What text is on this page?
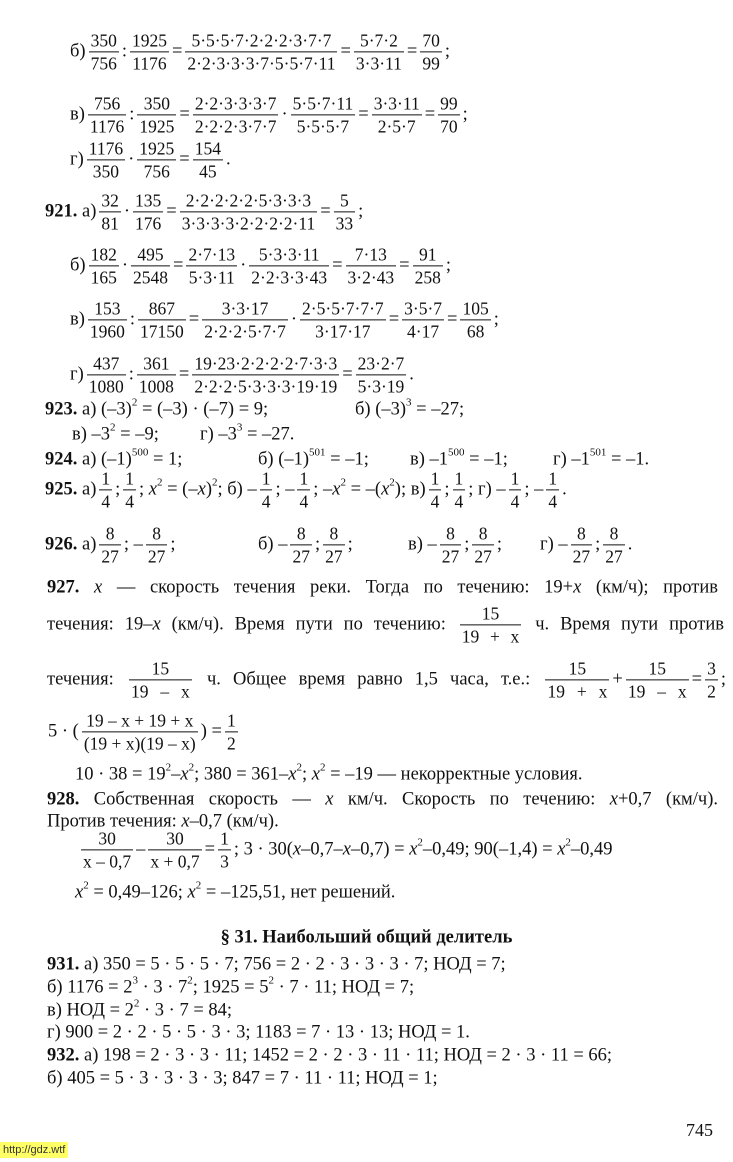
§ 31. Наибольший общий делитель
745
http://gdz.wtf
$б) \frac{350}{756}$ : $\frac{1925}{1176} = \frac{5\cdot 5\cdot 5\cdot 7\cdot 2\cdot 2\cdot 2\cdot 3\cdot 7\cdot 7}{2\cdot 2\cdot 3\cdot 3\cdot 3\cdot 7\cdot 5\cdot 5\cdot 7\cdot 11} = \frac{5\cdot 7\cdot 2}{3\cdot 3\cdot 11} = \frac{70}{99}$ ;
$в) \frac{756}{1176}$ : $\frac{350}{1925} = \frac{2\cdot 2\cdot 3\cdot 3\cdot 3\cdot 7}{2\cdot 2\cdot 2\cdot 3\cdot 7\cdot 7} \cdot \frac{5\cdot 5\cdot 7\cdot 11}{5\cdot 5\cdot 5\cdot 7} = \frac{3\cdot 3\cdot 11}{2\cdot 5\cdot 7} = \frac{99}{70}$ ;
$г) \frac{1176}{350} \cdot \frac{1925}{756} = \frac{154}{45}$ .
921. $а) \frac{32}{81} \cdot \frac{135}{176} = \frac{2\cdot 2\cdot 2\cdot 2\cdot 2\cdot 5\cdot 3\cdot 3\cdot 3}{3\cdot 3\cdot 3\cdot 3\cdot 2\cdot 2\cdot 2\cdot 2\cdot 11} = \frac{5}{33}$ ;
$б) \frac{182}{165} \cdot \frac{495}{2548} = \frac{2\cdot 7\cdot 13}{5\cdot 3\cdot 11} \cdot \frac{5\cdot 3\cdot 3\cdot 11}{2\cdot 2\cdot 3\cdot 3\cdot 43} = \frac{7\cdot 13}{3\cdot 2\cdot 43} = \frac{91}{258}$ ;
$в) \frac{153}{1960}$ : $\frac{867}{17150} = \frac{3\cdot 3\cdot 17}{2\cdot 2\cdot 2\cdot 5\cdot 7\cdot 7} \cdot \frac{2\cdot 5\cdot 5\cdot 7\cdot 7\cdot 7}{3\cdot 17\cdot 17} = \frac{3\cdot 5\cdot 7}{4\cdot 17} = \frac{105}{68}$ ;
$г) \frac{437}{1080}$ : $\frac{361}{1008} = \frac{19\cdot 23\cdot 2\cdot 2\cdot 2\cdot 2\cdot 7\cdot 3\cdot 3}{2\cdot 2\cdot 2\cdot 5\cdot 3\cdot 3\cdot 3\cdot 19\cdot 19} = \frac{23\cdot 2\cdot 7}{5\cdot 3\cdot 19}$ .
923. а) (–3) 2 = (–3) · (–7) = 9;	б) (–3) 3 = –27;
в) –3 2 = –9; г) –3 3 = –27.
924. а) (–1) 500 = 1;	б) (–1) 501 = –1; в) –1 500 = –1; г) –1 501 = –1.
925. $а) \frac{1}{4}$ ; $\frac{1}{4}$ ; x 2 = (– x ) 2 ; $б) - \frac{1}{4}$ ; – $\frac{1}{4}$ ; – x 2 = –( x 2 ); $в) \frac{1}{4}$ ; $\frac{1}{4}$ ; $г) - \frac{1}{4}$ ; – $\frac{1}{4}$ .
926. $а) \frac{8}{27}$ ; – $\frac{8}{27}$ ;	$б) - \frac{8}{27}$ ; $\frac{8}{27}$ ;	$в) - \frac{8}{27}$ ; $\frac{8}{27}$ ; $г) - \frac{8}{27}$ ; $\frac{8}{27}$ .
927.
x — скорость течения реки. Тогда по течению: 19+ x (км/ч); против
течения: 19– x (км/ч). Время пути по течению: $\frac{15}{19 + x} ч$. Время пути против
течения: $\frac{15}{19 - x} ч$. Общее время равно 1,5 часа, т.е.: $\frac{15}{19 + x} + \frac{15}{19 - x} = \frac{3}{2}$ ;
5 · ( $\frac{19 - x + 19 + x}{(19 + x)(19 - x)}$ ) = $\frac{1}{2}$
10 · 38 = 19 2 – x 2 ; 380 = 361– x 2 ; x 2 = –19 — некорректные условия.
928. Собственная скорость — x км/ч. Скорость по течению: x +0,7 (км/ч).
Против течения: x –0,7 (км/ч).
$\frac{30}{x - 0,7} - \frac{30}{x + 0,7} = \frac{1}{3}$ ; 3 · 30( x –0,7– x –0,7) = x 2 –0,49; 90(–1,4) = x 2 –0,49
x 2 = 0,49–126; x 2 = –125,51, нет решений.
931. а) 350 = 5 · 5 · 5 · 7; 756 = 2 · 2 · 3 · 3 · 3 · 7; НОД = 7;
б) 1176 = 2 3 · 3 · 7 2 ; 1925 = 5 2 · 7 · 11; НОД = 7;
в) НОД = 2 2 · 3 · 7 = 84;
г) 900 = 2 · 2 · 5 · 5 · 3 · 3; 1183 = 7 · 13 · 13; НОД = 1.
932. а) 198 = 2 · 3 · 3 · 11; 1452 = 2 · 2 · 3 · 11 · 11; НОД = 2 · 3 · 11 = 66;
б) 405 = 5 · 3 · 3 · 3 · 3; 847 = 7 · 11 · 11; НОД = 1;
